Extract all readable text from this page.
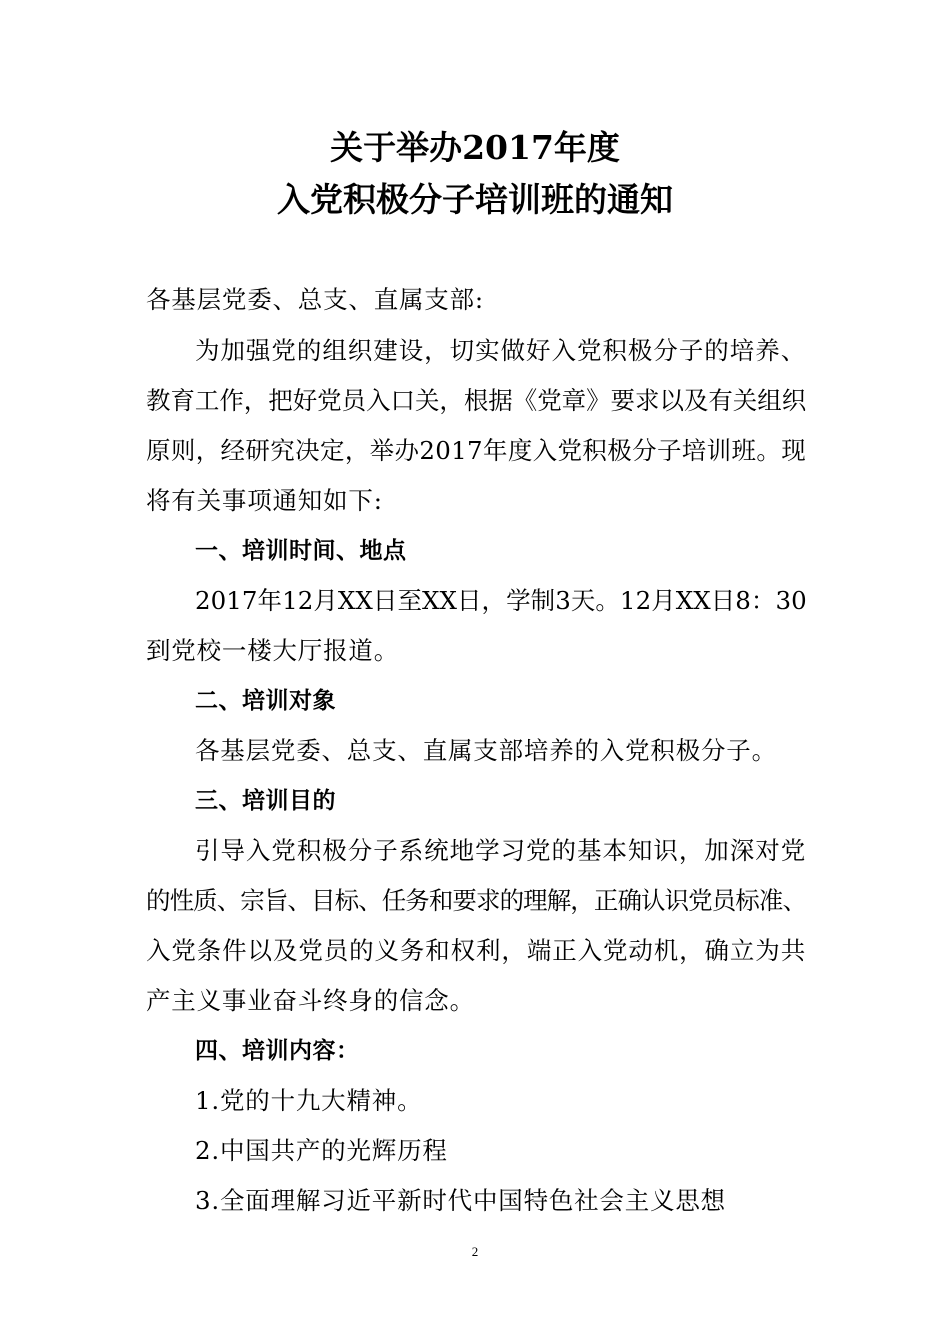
关于举办2017年度
入党积极分子培训班的通知

各基层党委、总支、直属支部:

为加强党的组织建设，切实做好入党积极分子的培养、

教育工作，把好党员入口关，根据《党章》要求以及有关组织

原则，经研究决定，举办2017年度入党积极分子培训班。现

将有关事项通知如下:

一、培训时间、地点

2017年12月XX日至XX日，学制3天。12月XX日8：30

到党校一楼大厅报道。

二、培训对象

各基层党委、总支、直属支部培养的入党积极分子。

三、培训目的

引导入党积极分子系统地学习党的基本知识，加深对党

的性质、宗旨、目标、任务和要求的理解，正确认识党员标准、

入党条件以及党员的义务和权利，端正入党动机，确立为共

产主义事业奋斗终身的信念。

四、培训内容：

1.党的十九大精神。

2.中国共产的光辉历程

3.全面理解习近平新时代中国特色社会主义思想

2
